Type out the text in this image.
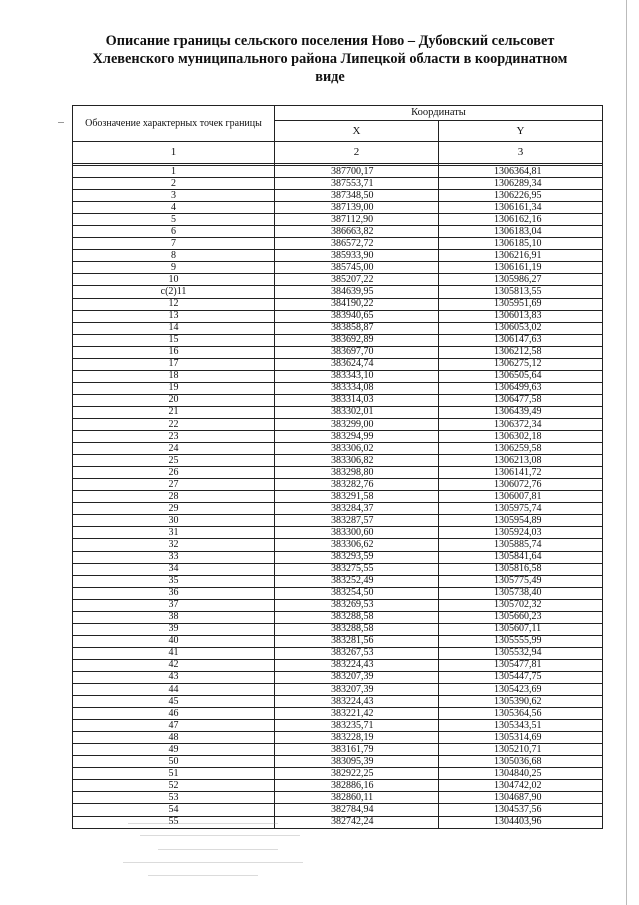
Описание границы сельского поселения Ново – Дубовский сельсовет
Хлевенского муниципального района Липецкой области в координатном
виде
Обозначение характерных точек границы	Координаты	
	X	Y
1	2	3

1	387700,17	1306364,81
2	387553,71	1306289,34
3	387348,50	1306226,95
4	387139,00	1306161,34
5	387112,90	1306162,16
6	386663,82	1306183,04
7	386572,72	1306185,10
8	385933,90	1306216,91
9	385745,00	1306161,19
10	385207,22	1305986,27
c(2)11	384639,95	1305813,55
12	384190,22	1305951,69
13	383940,65	1306013,83
14	383858,87	1306053,02
15	383692,89	1306147,63
16	383697,70	1306212,58
17	383624,74	1306275,12
18	383343,10	1306505,64
19	383334,08	1306499,63
20	383314,03	1306477,58
21	383302,01	1306439,49
22	383299,00	1306372,34
23	383294,99	1306302,18
24	383306,02	1306259,58
25	383306,82	1306213,08
26	383298,80	1306141,72
27	383282,76	1306072,76
28	383291,58	1306007,81
29	383284,37	1305975,74
30	383287,57	1305954,89
31	383300,60	1305924,03
32	383306,62	1305885,74
33	383293,59	1305841,64
34	383275,55	1305816,58
35	383252,49	1305775,49
36	383254,50	1305738,40
37	383269,53	1305702,32
38	383288,58	1305660,23
39	383288,58	1305607,11
40	383281,56	1305555,99
41	383267,53	1305532,94
42	383224,43	1305477,81
43	383207,39	1305447,75
44	383207,39	1305423,69
45	383224,43	1305390,62
46	383221,42	1305364,56
47	383235,71	1305343,51
48	383228,19	1305314,69
49	383161,79	1305210,71
50	383095,39	1305036,68
51	382922,25	1304840,25
52	382886,16	1304742,02
53	382860,11	1304687,90
54	382784,94	1304537,56
55	382742,24	1304403,96
